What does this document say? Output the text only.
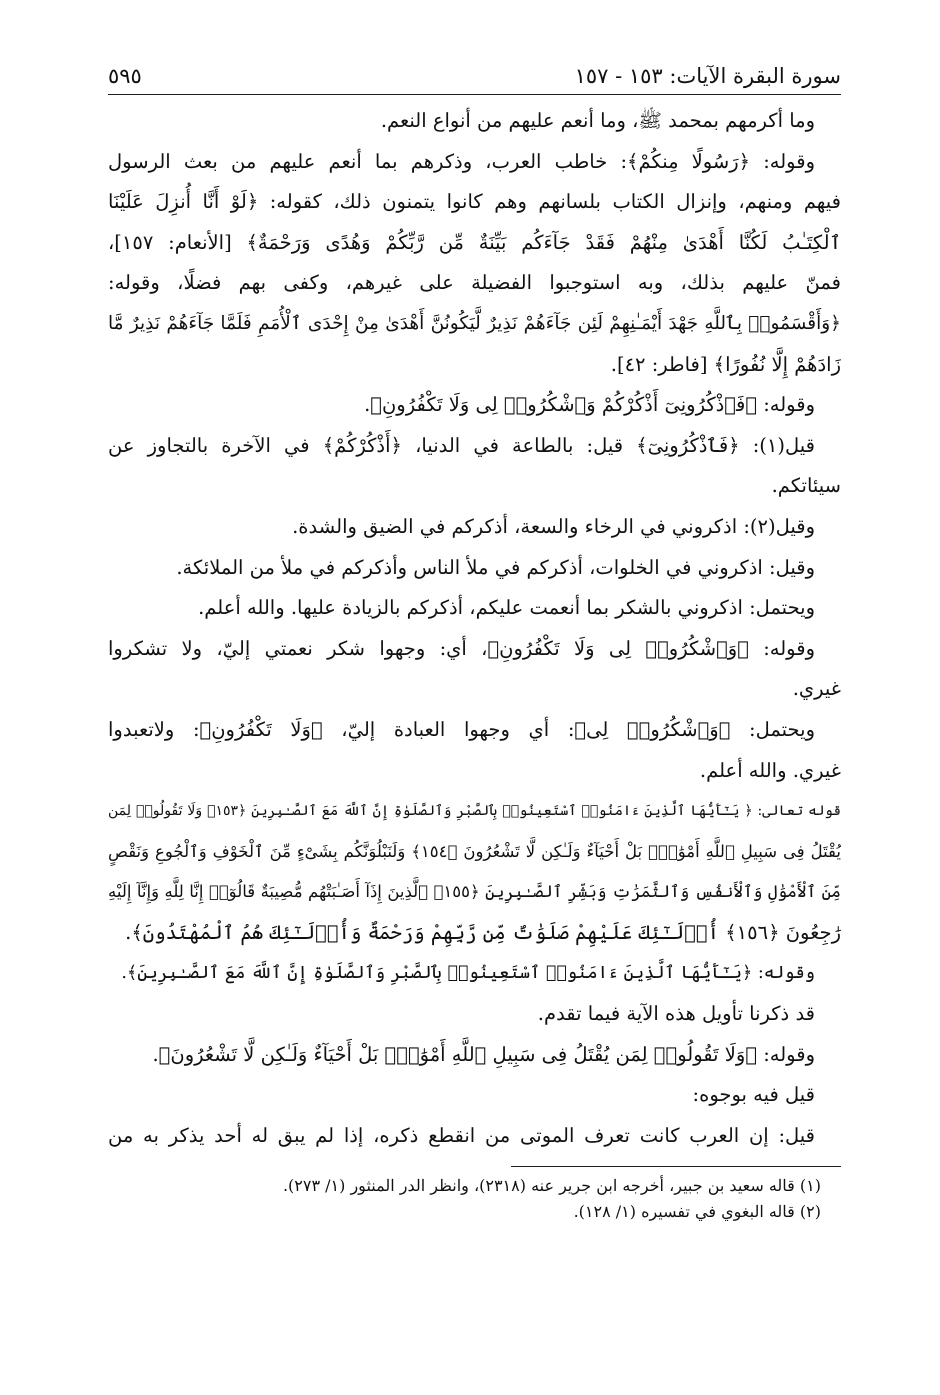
سورة البقرة الآيات: ١٥٣ - ١٥٧
٥٩٥
وما أكرمهم بمحمد ﷺ، وما أنعم عليهم من أنواع النعم.
وقوله: ﴿رَسُولًا مِنكُمْ﴾: خاطب العرب، وذكرهم بما أنعم عليهم من بعث الرسول
فيهم ومنهم، وإنزال الكتاب بلسانهم وهم كانوا يتمنون ذلك، كقوله: ﴿لَوْ أَنَّا أُنزِلَ عَلَيْنَا
ٱلْكِتَـٰبُ لَكُنَّا أَهْدَىٰ مِنْهُمْ فَقَدْ جَآءَكُم بَيِّنَةٌ مِّن رَّبِّكُمْ وَهُدًى وَرَحْمَةٌ﴾ [الأنعام: ١٥٧]،
فمنّ عليهم بذلك، وبه استوجبوا الفضيلة على غيرهم، وكفى بهم فضلًا، وقوله:
﴿وَأَقْسَمُوا۟ بِٱللَّهِ جَهْدَ أَيْمَـٰنِهِمْ لَئِن جَآءَهُمْ نَذِيرٌ لَّيَكُونُنَّ أَهْدَىٰ مِنْ إِحْدَى ٱلْأُمَمِ فَلَمَّا جَآءَهُمْ نَذِيرٌ مَّا
زَادَهُمْ إِلَّا نُفُورًا﴾ [فاطر: ٤٢].
وقوله: ﴿فَٱذْكُرُونِىٓ أَذْكُرْكُمْ وَٱشْكُرُوا۟ لِى وَلَا تَكْفُرُونِ﴾.
قيل(١): ﴿فَٱذْكُرُونِىٓ﴾ قيل: بالطاعة في الدنيا، ﴿أَذْكُرْكُمْ﴾ في الآخرة بالتجاوز عن
سيئاتكم.
وقيل(٢): اذكروني في الرخاء والسعة، أذكركم في الضيق والشدة.
وقيل: اذكروني في الخلوات، أذكركم في ملأ الناس وأذكركم في ملأ من الملائكة.
ويحتمل: اذكروني بالشكر بما أنعمت عليكم، أذكركم بالزيادة عليها. والله أعلم.
وقوله: ﴿وَٱشْكُرُوا۟ لِى وَلَا تَكْفُرُونِ﴾، أي: وجهوا شكر نعمتي إليّ، ولا تشكروا
غيري.
ويحتمل: ﴿وَٱشْكُرُوا۟ لِى﴾: أي وجهوا العبادة إليّ، ﴿وَلَا تَكْفُرُونِ﴾: ولاتعبدوا
غيري. والله أعلم.
قوله تعالى: ﴿ يَـٰٓأَيُّهَا ٱلَّذِينَ ءَامَنُوا۟ ٱسْتَعِينُوا۟ بِٱلصَّبْرِ وَٱلصَّلَوٰةِ إِنَّ ٱللَّهَ مَعَ ٱلصَّـٰبِرِينَ ﴿١٥٣﴾ وَلَا تَقُولُوا۟ لِمَن
يُقْتَلُ فِى سَبِيلِ ٱللَّهِ أَمْوَٰتٌۢ بَلْ أَحْيَآءٌ وَلَـٰكِن لَّا تَشْعُرُونَ ﴿١٥٤﴾ وَلَنَبْلُوَنَّكُم بِشَىْءٍ مِّنَ ٱلْخَوْفِ وَٱلْجُوعِ وَنَقْصٍ
مِّنَ ٱلْأَمْوَٰلِ وَٱلْأَنفُسِ وَٱلثَّمَرَٰتِ وَبَشِّرِ ٱلصَّـٰبِرِينَ ﴿١٥٥﴾ ٱلَّذِينَ إِذَآ أَصَـٰبَتْهُم مُّصِيبَةٌ قَالُوٓا۟ إِنَّا لِلَّهِ وَإِنَّآ إِلَيْهِ
رَٰجِعُونَ ﴿١٥٦﴾ أُو۟لَـٰٓئِكَ عَلَيْهِمْ صَلَوَٰتٌ مِّن رَّبِّهِمْ وَرَحْمَةٌ وَأُو۟لَـٰٓئِكَ هُمُ ٱلْمُهْتَدُونَ﴾.
وقوله: ﴿يَـٰٓأَيُّهَا ٱلَّذِينَ ءَامَنُوا۟ ٱسْتَعِينُوا۟ بِٱلصَّبْرِ وَٱلصَّلَوٰةِ إِنَّ ٱللَّهَ مَعَ ٱلصَّـٰبِرِينَ﴾.
قد ذكرنا تأويل هذه الآية فيما تقدم.
وقوله: ﴿وَلَا تَقُولُوا۟ لِمَن يُقْتَلُ فِى سَبِيلِ ٱللَّهِ أَمْوَٰتٌۢ بَلْ أَحْيَآءٌ وَلَـٰكِن لَّا تَشْعُرُونَ﴾.
قيل فيه بوجوه:
قيل: إن العرب كانت تعرف الموتى من انقطع ذكره، إذا لم يبق له أحد يذكر به من
(١) قاله سعيد بن جبير، أخرجه ابن جرير عنه (٢٣١٨)، وانظر الدر المنثور (١/ ٢٧٣).
(٢) قاله البغوي في تفسيره (١/ ١٢٨).
